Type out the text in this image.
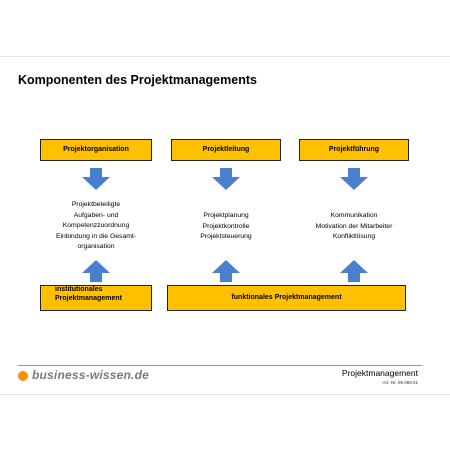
Komponenten des Projektmanagements
Projektorganisation	Projektleitung	Projektführung
Projektbeteiligte
Aufgaben- und
Kompetenzzuordnung
Einbindung in die Gesamt-
organisation
Projektplanung
Projektkontrolle
Projektsteuerung
Kommunikation
Motivation der Mitarbeiter
Konfliktlösung
institutionales
Projektmanagement	funktionales Projektmanagement
business-wissen.de	Projektmanagement
Art.-Nr. 99.989.01
